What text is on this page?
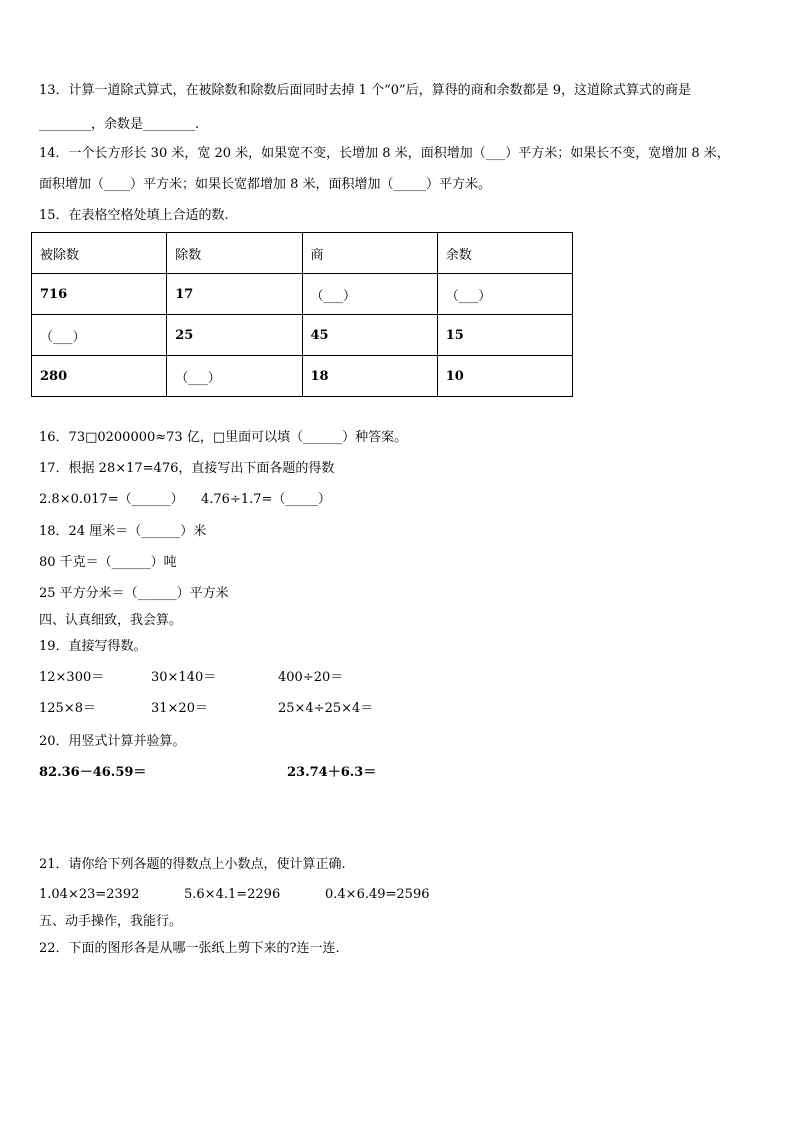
13．计算一道除式算式，在被除数和除数后面同时去掉 1 个“0”后，算得的商和余数都是 9，这道除式算式的商是
________，余数是________.
14．一个长方形长 30 米，宽 20 米，如果宽不变，长增加 8 米，面积增加（___）平方米；如果长不变，宽增加 8 米，
面积增加（____）平方米；如果长宽都增加 8 米，面积增加（_____）平方米。
15．在表格空格处填上合适的数.
被除数	除数	商	余数
716	17	（___）	（___）
（___）	25	45	15
280	（___）	18	10
16．73□0200000≈73 亿，□里面可以填（______）种答案。
17．根据 28×17=476，直接写出下面各题的得数
2.8×0.017=（______） 4.76÷1.7=（_____）
18．24 厘米＝（______）米
80 千克＝（______）吨
25 平方分米＝（______）平方米
四、认真细致，我会算。
19．直接写得数。
12×300＝	30×140＝	400÷20＝
125×8＝	31×20＝	25×4÷25×4＝
20．用竖式计算并验算。
82.36－46.59＝	23.74＋6.3＝
21．请你给下列各题的得数点上小数点，使计算正确.
1.04×23=2392	5.6×4.1=2296	0.4×6.49=2596
五、动手操作，我能行。
22．下面的图形各是从哪一张纸上剪下来的?连一连.
